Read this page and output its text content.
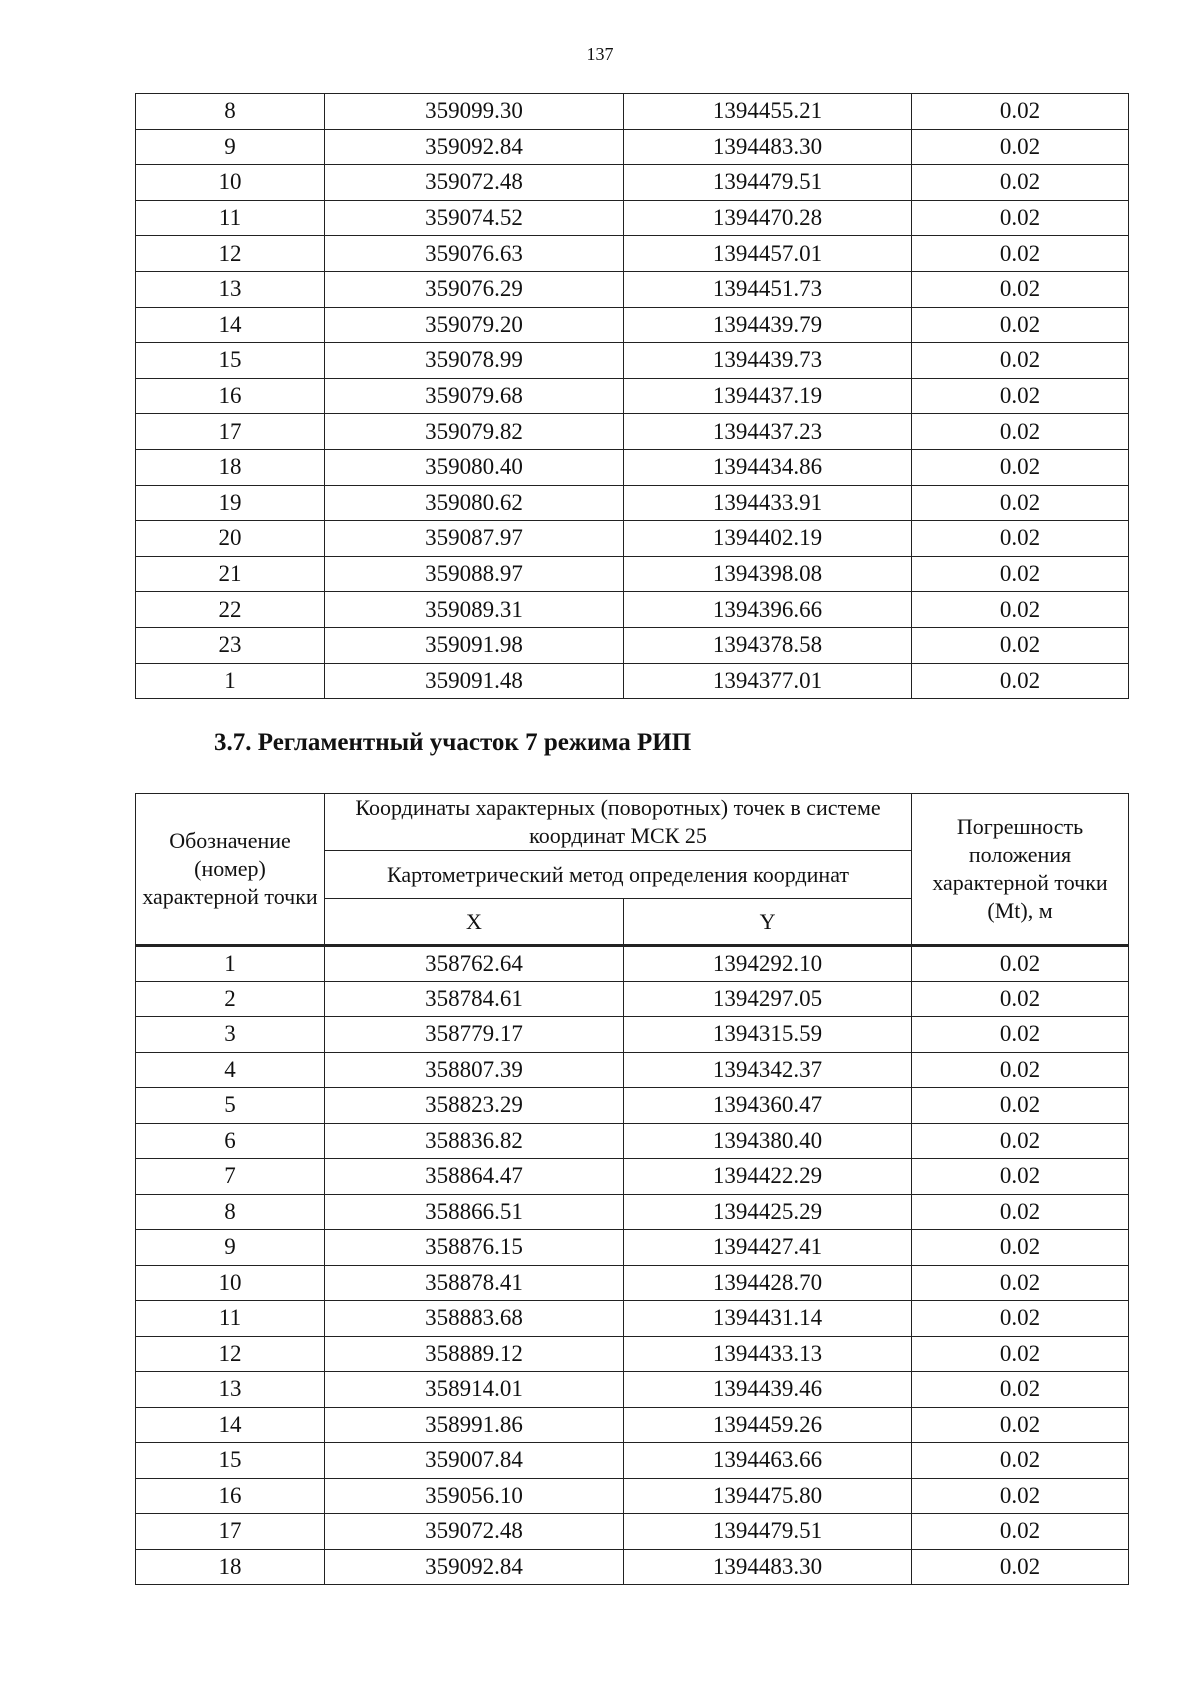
137
8	359099.30	1394455.21	0.02
9	359092.84	1394483.30	0.02
10	359072.48	1394479.51	0.02
11	359074.52	1394470.28	0.02
12	359076.63	1394457.01	0.02
13	359076.29	1394451.73	0.02
14	359079.20	1394439.79	0.02
15	359078.99	1394439.73	0.02
16	359079.68	1394437.19	0.02
17	359079.82	1394437.23	0.02
18	359080.40	1394434.86	0.02
19	359080.62	1394433.91	0.02
20	359087.97	1394402.19	0.02
21	359088.97	1394398.08	0.02
22	359089.31	1394396.66	0.02
23	359091.98	1394378.58	0.02
1	359091.48	1394377.01	0.02
3.7. Регламентный участок 7 режима РИП
Обозначение (номер) характерной точки	Координаты характерных (поворотных) точек в системе координат МСК 25		Погрешность положения характерной точки (Mt), м
	Картометрический метод определения координат		
	X	Y	
1	358762.64	1394292.10	0.02
2	358784.61	1394297.05	0.02
3	358779.17	1394315.59	0.02
4	358807.39	1394342.37	0.02
5	358823.29	1394360.47	0.02
6	358836.82	1394380.40	0.02
7	358864.47	1394422.29	0.02
8	358866.51	1394425.29	0.02
9	358876.15	1394427.41	0.02
10	358878.41	1394428.70	0.02
11	358883.68	1394431.14	0.02
12	358889.12	1394433.13	0.02
13	358914.01	1394439.46	0.02
14	358991.86	1394459.26	0.02
15	359007.84	1394463.66	0.02
16	359056.10	1394475.80	0.02
17	359072.48	1394479.51	0.02
18	359092.84	1394483.30	0.02
